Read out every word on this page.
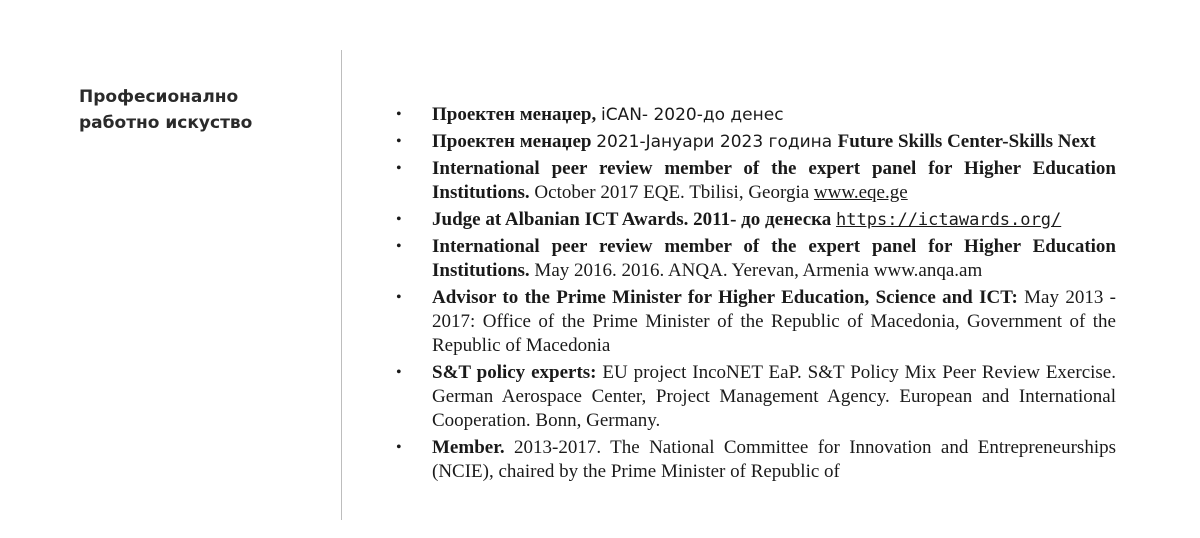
Професионално
работно искуство	• Проектен менаџер, iCAN- 2020-до денес
• Проектен менаџер 2021-Јануари 2023 година Future Skills Center-Skills Next
• International peer review member of the expert panel for Higher Education Institutions. October 2017 EQE. Tbilisi, Georgia www.eqe.ge
• Judge at Albanian ICT Awards. 2011- до денеска https://ictawards.org/
• International peer review member of the expert panel for Higher Education Institutions. May 2016. 2016. ANQA. Yerevan, Armenia www.anqa.am
• Advisor to the Prime Minister for Higher Education, Science and ICT: May 2013 - 2017: Office of the Prime Minister of the Republic of Macedonia, Government of the Republic of Macedonia
• S&T policy experts: EU project IncoNET EaP. S&T Policy Mix Peer Review Exercise. German Aerospace Center, Project Management Agency. European and International Cooperation. Bonn, Germany.
• Member. 2013-2017. The National Committee for Innovation and Entrepreneurships (NCIE), chaired by the Prime Minister of Republic of
